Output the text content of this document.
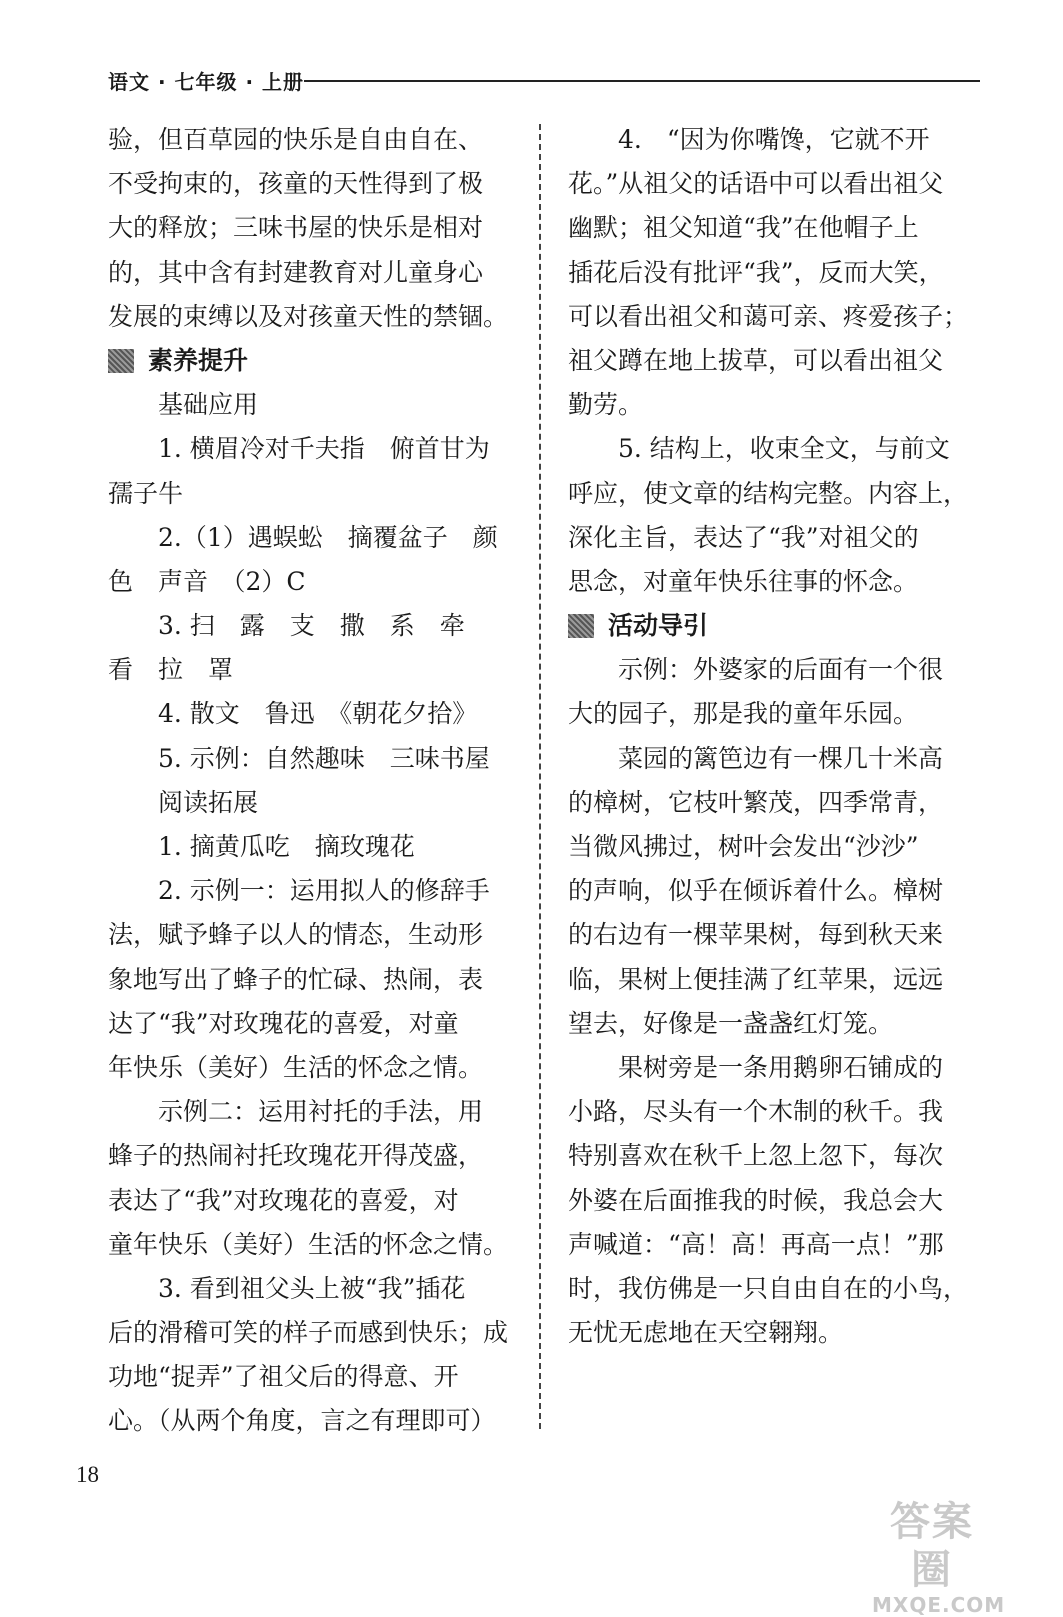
语文 · 七年级 · 上册
验，但百草园的快乐是自由自在、
不受拘束的，孩童的天性得到了极
大的释放；三味书屋的快乐是相对
的，其中含有封建教育对儿童身心
发展的束缚以及对孩童天性的禁锢。
素养提升
基础应用
1. 横眉冷对千夫指　俯首甘为
孺子牛
2.（1）遇蜈蚣　摘覆盆子　颜
色　声音　（2）C
3. 扫　露　支　撒　系　牵
看　拉　罩
4. 散文　鲁迅　《朝花夕拾》
5. 示例：自然趣味　三味书屋
阅读拓展
1. 摘黄瓜吃　摘玫瑰花
2. 示例一：运用拟人的修辞手
法，赋予蜂子以人的情态，生动形
象地写出了蜂子的忙碌、热闹，表
达了“我”对玫瑰花的喜爱，对童
年快乐（美好）生活的怀念之情。
示例二：运用衬托的手法，用
蜂子的热闹衬托玫瑰花开得茂盛，
表达了“我”对玫瑰花的喜爱，对
童年快乐（美好）生活的怀念之情。
3. 看到祖父头上被“我”插花
后的滑稽可笑的样子而感到快乐；成
功地“捉弄”了祖父后的得意、开
心。（从两个角度，言之有理即可）
4.　“因为你嘴馋，它就不开
花。”从祖父的话语中可以看出祖父
幽默；祖父知道“我”在他帽子上
插花后没有批评“我”，反而大笑，
可以看出祖父和蔼可亲、疼爱孩子；
祖父蹲在地上拔草，可以看出祖父
勤劳。
5. 结构上，收束全文，与前文
呼应，使文章的结构完整。内容上，
深化主旨，表达了“我”对祖父的
思念，对童年快乐往事的怀念。
活动导引
示例：外婆家的后面有一个很
大的园子，那是我的童年乐园。
菜园的篱笆边有一棵几十米高
的樟树，它枝叶繁茂，四季常青，
当微风拂过，树叶会发出“沙沙”
的声响，似乎在倾诉着什么。樟树
的右边有一棵苹果树，每到秋天来
临，果树上便挂满了红苹果，远远
望去，好像是一盏盏红灯笼。
果树旁是一条用鹅卵石铺成的
小路，尽头有一个木制的秋千。我
特别喜欢在秋千上忽上忽下，每次
外婆在后面推我的时候，我总会大
声喊道：“高！高！再高一点！”那
时，我仿佛是一只自由自在的小鸟，
无忧无虑地在天空翱翔。
18
答案圈
MXQE.COM
